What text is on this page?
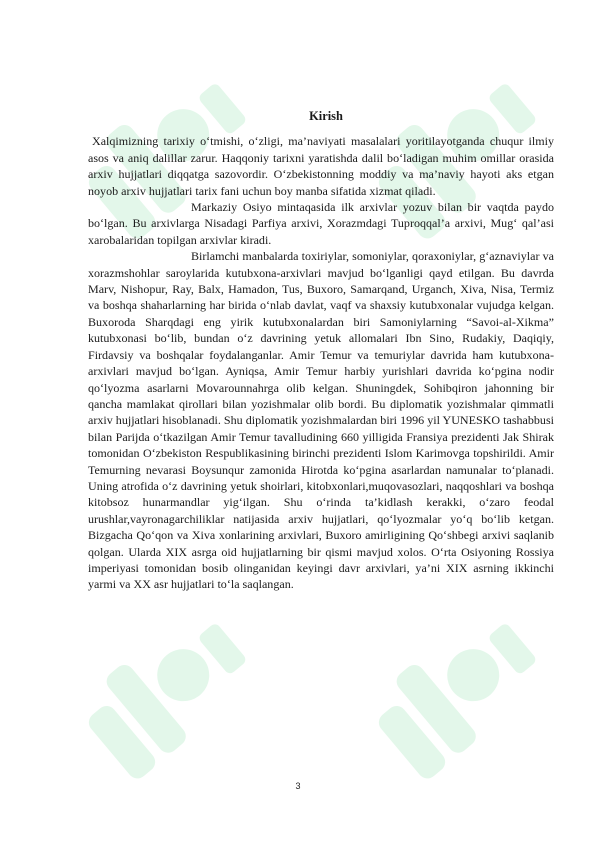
Kirish

Xalqimizning tarixiy o‘tmishi, o‘zligi, ma’naviyati masalalari yoritilayotganda chuqur ilmiy asos va aniq dalillar zarur. Haqqoniy tarixni yaratishda dalil bo‘ladigan muhim omillar orasida arxiv hujjatlari diqqatga sazovordir. O‘zbekistonning moddiy va ma’naviy hayoti aks etgan noyob arxiv hujjatlari tarix fani uchun boy manba sifatida xizmat qiladi.

Markaziy Osiyo mintaqasida ilk arxivlar yozuv bilan bir vaqtda paydo bo‘lgan. Bu arxivlarga Nisadagi Parfiya arxivi, Xorazmdagi Tuproqqal’a arxivi, Mug‘ qal’asi xarobalaridan topilgan arxivlar kiradi.

Birlamchi manbalarda toxiriylar, somoniylar, qoraxoniylar, g‘aznaviylar va xorazmshohlar saroylarida kutubxona-arxivlari mavjud bo‘lganligi qayd etilgan. Bu davrda Marv, Nishopur, Ray, Balx, Hamadon, Tus, Buxoro, Samarqand, Urganch, Xiva, Nisa, Termiz va boshqa shaharlarning har birida o‘nlab davlat, vaqf va shaxsiy kutubxonalar vujudga kelgan. Buxoroda Sharqdagi eng yirik kutubxonalardan biri Samoniylarning “Savoi-al-Xikma” kutubxonasi bo‘lib, bundan o‘z davrining yetuk allomalari Ibn Sino, Rudakiy, Daqiqiy, Firdavsiy va boshqalar foydalanganlar. Amir Temur va temuriylar davrida ham kutubxona-arxivlari mavjud bo‘lgan. Ayniqsa, Amir Temur harbiy yurishlari davrida ko‘pgina nodir qo‘lyozma asarlarni Movarounnahrga olib kelgan. Shuningdek, Sohibqiron jahonning bir qancha mamlakat qirollari bilan yozishmalar olib bordi. Bu diplomatik yozishmalar qimmatli arxiv hujjatlari hisoblanadi. Shu diplomatik yozishmalardan biri 1996 yil YUNESKO tashabbusi bilan Parijda o‘tkazilgan Amir Temur tavalludining 660 yilligida Fransiya prezidenti Jak Shirak tomonidan O‘zbekiston Respublikasining birinchi prezidenti Islom Karimovga topshirildi. Amir Temurning nevarasi Boysunqur zamonida Hirotda ko‘pgina asarlardan namunalar to‘planadi. Uning atrofida o‘z davrining yetuk shoirlari, kitobxonlari,muqovasozlari, naqqoshlari va boshqa kitobsoz hunarmandlar yig‘ilgan. Shu o‘rinda ta’kidlash kerakki, o‘zaro feodal urushlar,vayronagarchiliklar natijasida arxiv hujjatlari, qo‘lyozmalar yo‘q bo‘lib ketgan. Bizgacha Qo‘qon va Xiva xonlarining arxivlari, Buxoro amirligining Qo‘shbegi arxivi saqlanib qolgan. Ularda XIX asrga oid hujjatlarning bir qismi mavjud xolos. O‘rta Osiyoning Rossiya imperiyasi tomonidan bosib olinganidan keyingi davr arxivlari, ya’ni XIX asrning ikkinchi yarmi va XX asr hujjatlari to‘la saqlangan.

3
